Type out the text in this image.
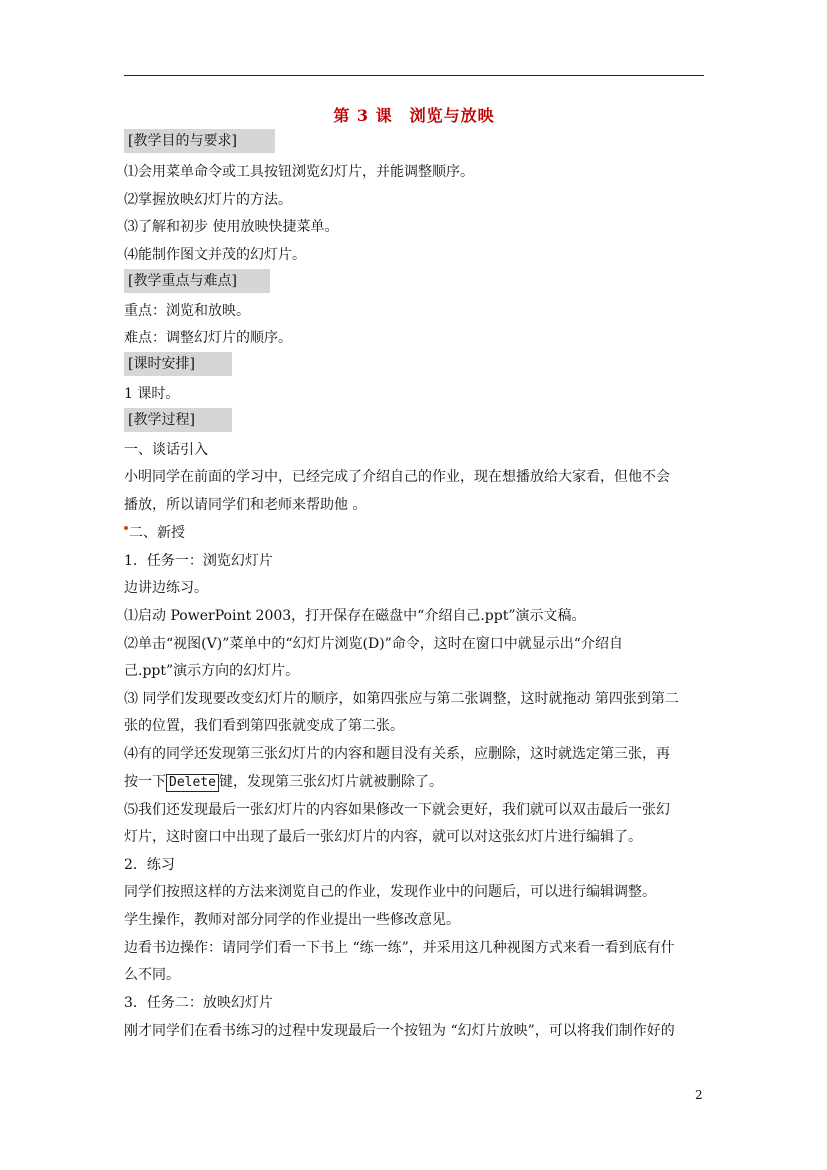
第 3 课　浏览与放映
[教学目的与要求]
⑴会用菜单命令或工具按钮浏览幻灯片，并能调整顺序。
⑵掌握放映幻灯片的方法。
⑶了解和初步 使用放映快捷菜单。
⑷能制作图文并茂的幻灯片。
[教学重点与难点]
重点：浏览和放映。
难点：调整幻灯片的顺序。
[课时安排]
1 课时。
[教学过程]
一、谈话引入
小明同学在前面的学习中，已经完成了介绍自己的作业，现在想播放给大家看，但他不会
播放，所以请同学们和老师来帮助他 。
二、新授
1．任务一：浏览幻灯片
边讲边练习。
⑴启动 PowerPoint 2003，打开保存在磁盘中“介绍自己.ppt”演示文稿。
⑵单击“视图(V)”菜单中的“幻灯片浏览(D)”命令，这时在窗口中就显示出“介绍自
己.ppt”演示方向的幻灯片。
⑶ 同学们发现要改变幻灯片的顺序，如第四张应与第二张调整，这时就拖动 第四张到第二
张的位置，我们看到第四张就变成了第二张。
⑷有的同学还发现第三张幻灯片的内容和题目没有关系，应删除，这时就选定第三张，再
按一下 Delete 键，发现第三张幻灯片就被删除了。
⑸我们还发现最后一张幻灯片的内容如果修改一下就会更好，我们就可以双击最后一张幻
灯片，这时窗口中出现了最后一张幻灯片的内容，就可以对这张幻灯片进行编辑了。
2．练习
同学们按照这样的方法来浏览自己的作业，发现作业中的问题后，可以进行编辑调整。
学生操作，教师对部分同学的作业提出一些修改意见。
边看书边操作：请同学们看一下书上 “练一练”，并采用这几种视图方式来看一看到底有什
么不同。
3．任务二：放映幻灯片
刚才同学们在看书练习的过程中发现最后一个按钮为 “幻灯片放映”，可以将我们制作好的
2
